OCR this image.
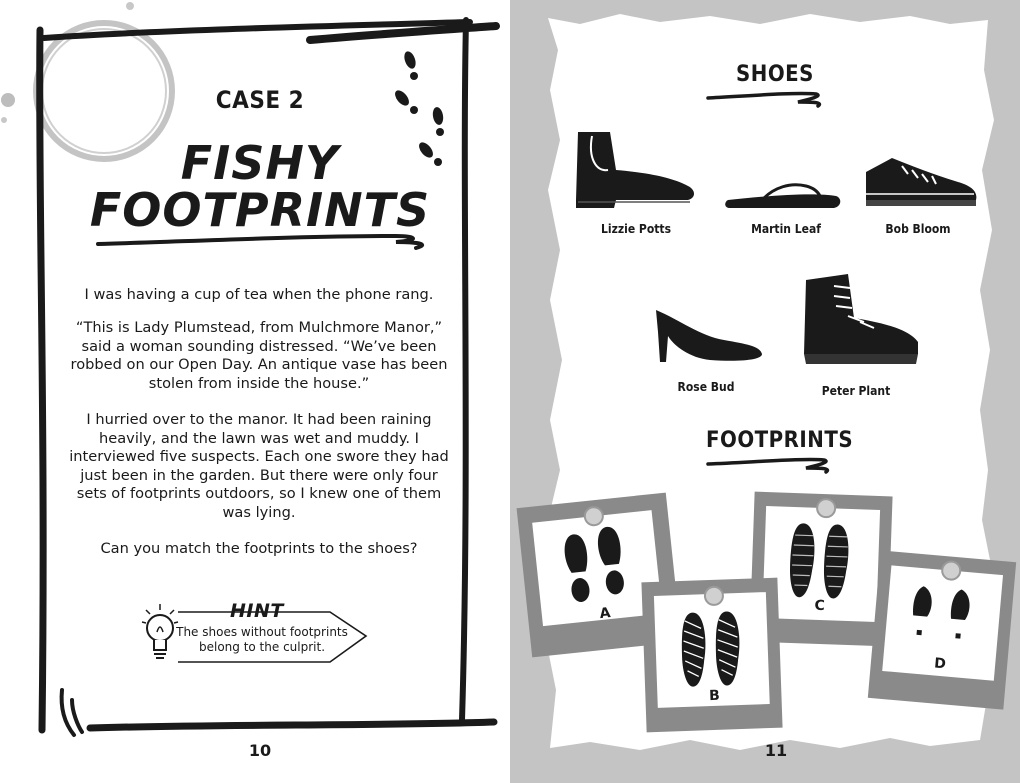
CASE 2
FISHY
FOOTPRINTS

I was having a cup of tea when the phone rang.

“This is Lady Plumstead, from Mulchmore Manor,” said a woman sounding distressed. “We’ve been robbed on our Open Day. An antique vase has been stolen from inside the house.”

I hurried over to the manor. It had been raining heavily, and the lawn was wet and muddy. I interviewed five suspects. Each one swore they had just been in the garden. But there were only four sets of footprints outdoors, so I knew one of them was lying.

Can you match the footprints to the shoes?

HINT
The shoes without footprints belong to the culprit.
10
SHOES
Lizzie Potts	Martin Leaf	Bob Bloom
Rose Bud	Peter Plant
FOOTPRINTS
A	C
D
B
11
